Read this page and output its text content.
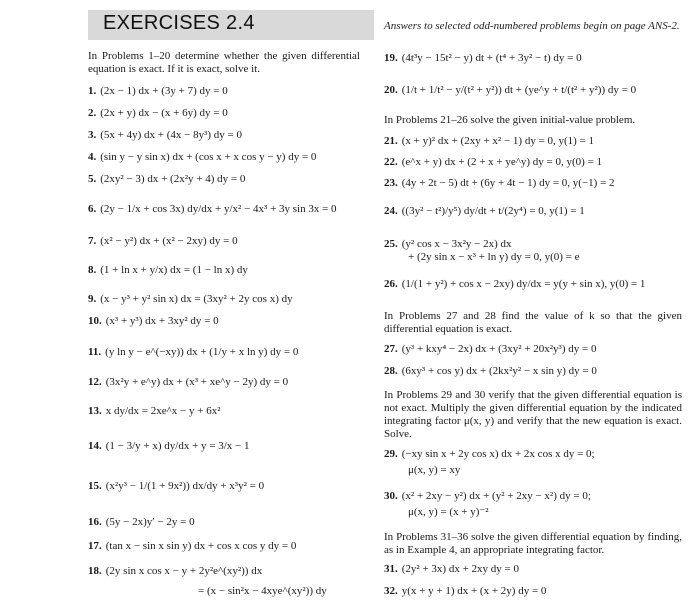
EXERCISES 2.4	Answers to selected odd-numbered problems begin on page ANS-2.
In Problems 1–20 determine whether the given differential equation is exact. If it is exact, solve it.
1. (2x − 1) dx + (3y + 7) dy = 0
2. (2x + y) dx − (x + 6y) dy = 0
3. (5x + 4y) dx + (4x − 8y³) dy = 0
4. (sin y − y sin x) dx + (cos x + x cos y − y) dy = 0
5. (2xy² − 3) dx + (2x²y + 4) dy = 0
6. (2y − 1/x + cos 3x) dy/dx + y/x² − 4x³ + 3y sin 3x = 0
7. (x² − y²) dx + (x² − 2xy) dy = 0
8. (1 + ln x + y/x) dx = (1 − ln x) dy
9. (x − y³ + y² sin x) dx = (3xy² + 2y cos x) dy
10. (x³ + y³) dx + 3xy² dy = 0
11. (y ln y − e^(−xy)) dx + (1/y + x ln y) dy = 0
12. (3x²y + e^y) dx + (x³ + xe^y − 2y) dy = 0
13. x dy/dx = 2xe^x − y + 6x²
14. (1 − 3/y + x) dy/dx + y = 3/x − 1
15. (x²y³ − 1/(1 + 9x²)) dx/dy + x³y² = 0
16. (5y − 2x)y′ − 2y = 0
17. (tan x − sin x sin y) dx + cos x cos y dy = 0
18. (2y sin x cos x − y + 2y²e^(xy²)) dx
= (x − sin²x − 4xye^(xy²)) dy
19. (4t³y − 15t² − y) dt + (t⁴ + 3y² − t) dy = 0
20. (1/t + 1/t² − y/(t² + y²)) dt + (ye^y + t/(t² + y²)) dy = 0
In Problems 21–26 solve the given initial-value problem.
21. (x + y)² dx + (2xy + x² − 1) dy = 0, y(1) = 1
22. (e^x + y) dx + (2 + x + ye^y) dy = 0, y(0) = 1
23. (4y + 2t − 5) dt + (6y + 4t − 1) dy = 0, y(−1) = 2
24. ((3y² − t²)/y⁵) dy/dt + t/(2y⁴) = 0, y(1) = 1
25. (y² cos x − 3x²y − 2x) dx
+ (2y sin x − x³ + ln y) dy = 0, y(0) = e
26. (1/(1 + y²) + cos x − 2xy) dy/dx = y(y + sin x), y(0) = 1
In Problems 27 and 28 find the value of k so that the given differential equation is exact.
27. (y³ + kxy⁴ − 2x) dx + (3xy² + 20x²y³) dy = 0
28. (6xy³ + cos y) dx + (2kx²y² − x sin y) dy = 0
In Problems 29 and 30 verify that the given differential equation is not exact. Multiply the given differential equation by the indicated integrating factor μ(x, y) and verify that the new equation is exact. Solve.
29. (−xy sin x + 2y cos x) dx + 2x cos x dy = 0;
μ(x, y) = xy
30. (x² + 2xy − y²) dx + (y² + 2xy − x²) dy = 0;
μ(x, y) = (x + y)⁻²
In Problems 31–36 solve the given differential equation by finding, as in Example 4, an appropriate integrating factor.
31. (2y² + 3x) dx + 2xy dy = 0
32. y(x + y + 1) dx + (x + 2y) dy = 0
